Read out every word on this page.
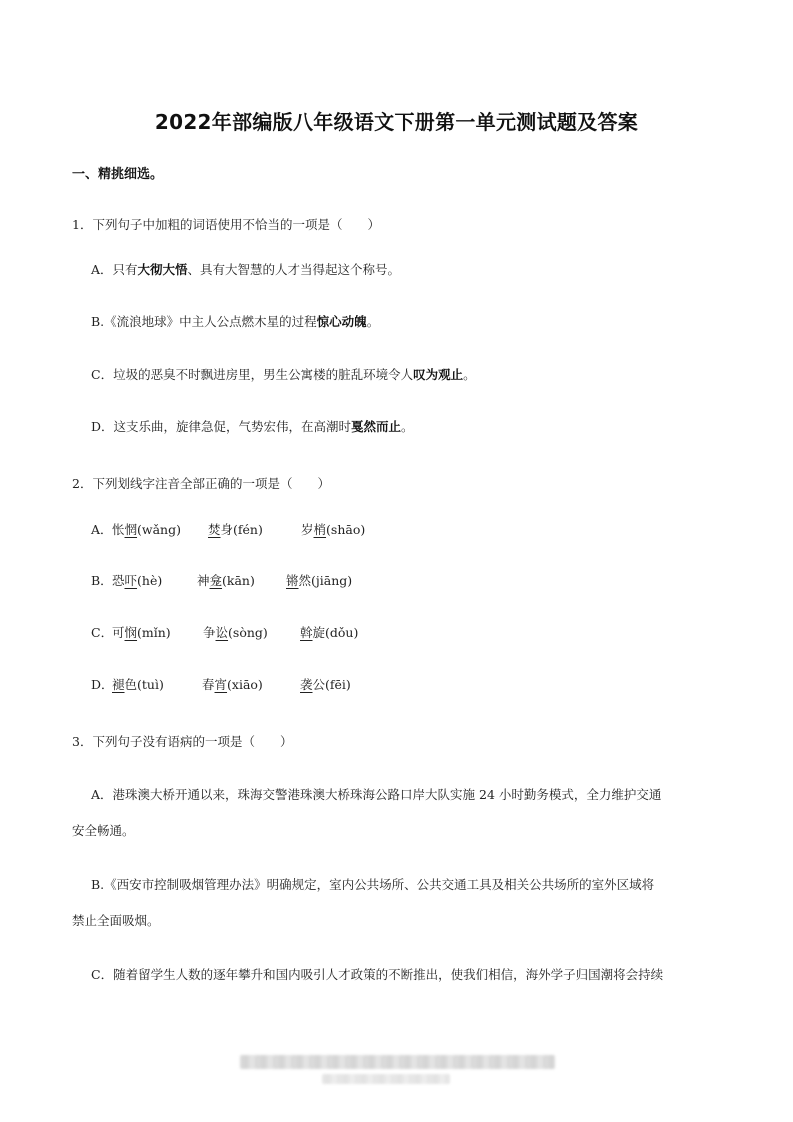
2022年部编版八年级语文下册第一单元测试题及答案
一、精挑细选。
1．下列句子中加粗的词语使用不恰当的一项是（　　）
A．只有大彻大悟、具有大智慧的人才当得起这个称号。
B.《流浪地球》中主人公点燃木星的过程惊心动魄。
C．垃圾的恶臭不时飘进房里，男生公寓楼的脏乱环境令人叹为观止。
D．这支乐曲，旋律急促，气势宏伟，在高潮时戛然而止。
2．下列划线字注音全部正确的一项是（　　）
A． 怅惘(wǎng) 焚身(fén)	岁梢(shāo)
B． 恐吓(hè)	神龛(kān) 锵然(jiāng)
C．
可悯(mǐn)	争讼(sòng)	斡旋(dǒu)
D．
褪色(tuì)	春宵(xiāo)	袭公(fēi)
3．下列句子没有语病的一项是（　　）
A．港珠澳大桥开通以来，珠海交警港珠澳大桥珠海公路口岸大队实施 24 小时勤务模式，全力维护交通
安全畅通。
B.《西安市控制吸烟管理办法》明确规定，室内公共场所、公共交通工具及相关公共场所的室外区域将
禁止全面吸烟。
C．随着留学生人数的逐年攀升和国内吸引人才政策的不断推出，使我们相信，海外学子归国潮将会持续
